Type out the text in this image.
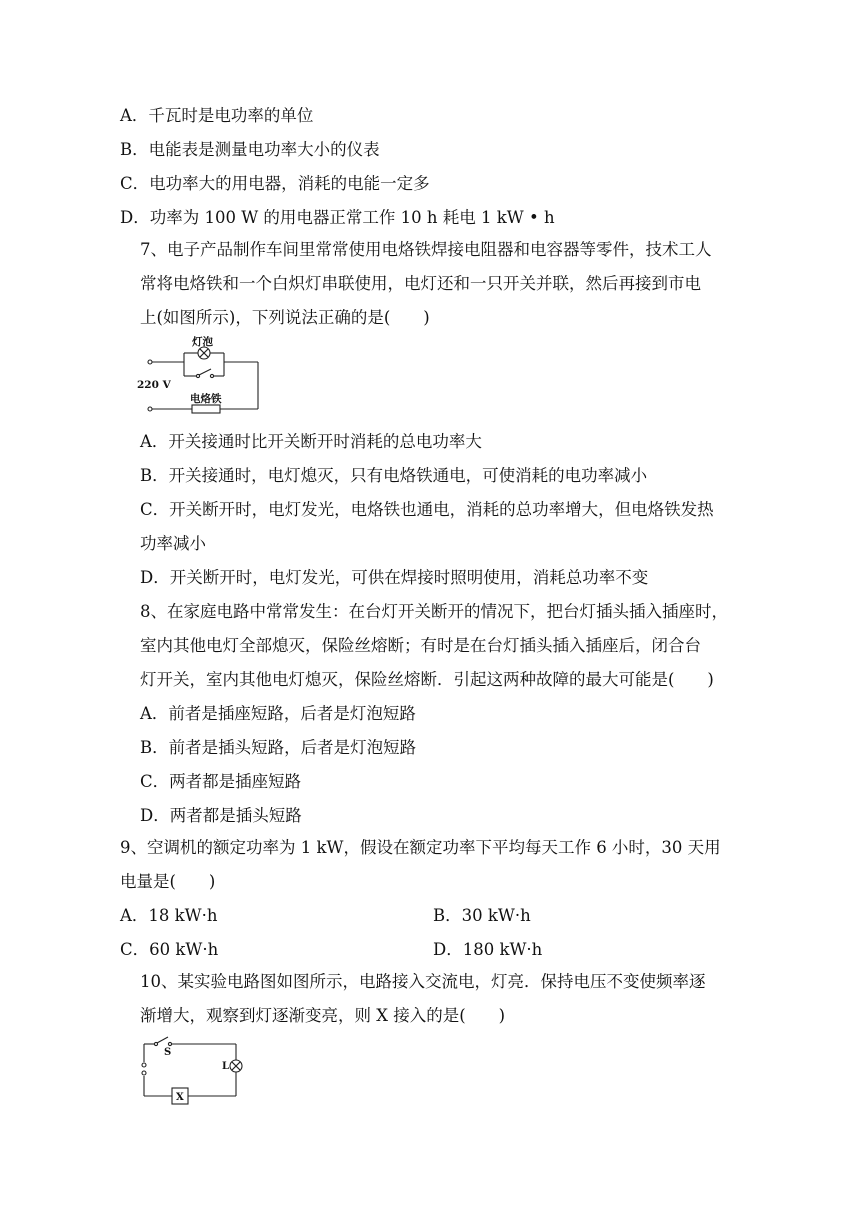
A．千瓦时是电功率的单位
B．电能表是测量电功率大小的仪表
C．电功率大的用电器，消耗的电能一定多
D．功率为 100 W 的用电器正常工作 10 h 耗电 1 kW • h
7、电子产品制作车间里常常使用电烙铁焊接电阻器和电容器等零件，技术工人
常将电烙铁和一个白炽灯串联使用，电灯还和一只开关并联，然后再接到市电
上(如图所示)，下列说法正确的是(　　)
灯泡
220 V
电烙铁
A．开关接通时比开关断开时消耗的总电功率大
B．开关接通时，电灯熄灭，只有电烙铁通电，可使消耗的电功率减小
C．开关断开时，电灯发光，电烙铁也通电，消耗的总功率增大，但电烙铁发热
功率减小
D．开关断开时，电灯发光，可供在焊接时照明使用，消耗总功率不变
8、在家庭电路中常常发生：在台灯开关断开的情况下，把台灯插头插入插座时，
室内其他电灯全部熄灭，保险丝熔断；有时是在台灯插头插入插座后，闭合台
灯开关，室内其他电灯熄灭，保险丝熔断．引起这两种故障的最大可能是(　　)
A．前者是插座短路，后者是灯泡短路
B．前者是插头短路，后者是灯泡短路
C．两者都是插座短路
D．两者都是插头短路
9、空调机的额定功率为 1 kW，假设在额定功率下平均每天工作 6 小时，30 天用
电量是(　　)
A．18 kW·h	B．30 kW·h
C．60 kW·h	D．180 kW·h
10、某实验电路图如图所示，电路接入交流电，灯亮．保持电压不变使频率逐
渐增大，观察到灯逐渐变亮，则 X 接入的是(　　)
S
L
X
